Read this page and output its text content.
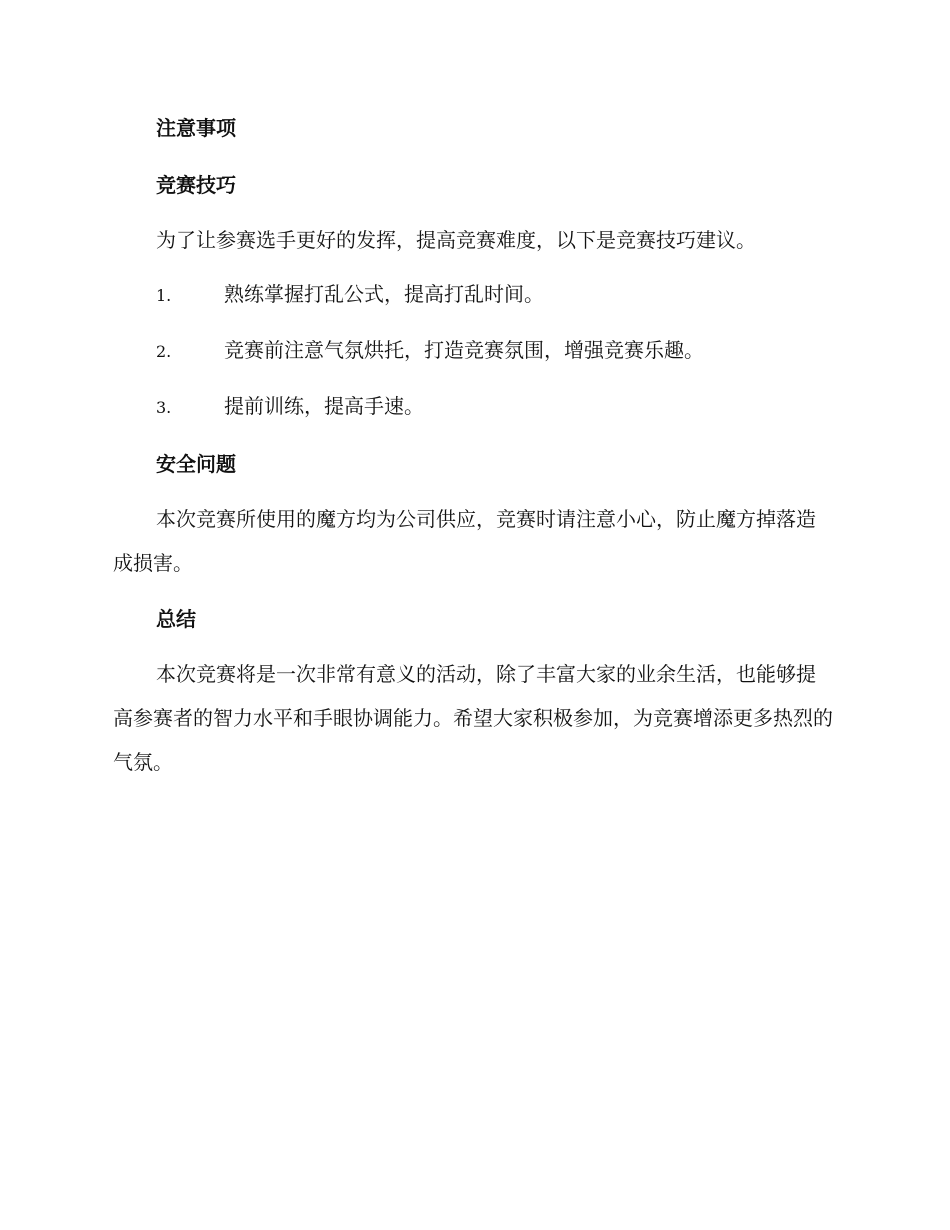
注意事项
竞赛技巧
为了让参赛选手更好的发挥，提高竞赛难度，以下是竞赛技巧建议。
1.	熟练掌握打乱公式，提高打乱时间。
2.	竞赛前注意气氛烘托，打造竞赛氛围，增强竞赛乐趣。
3.	提前训练，提高手速。
安全问题
本次竞赛所使用的魔方均为公司供应，竞赛时请注意小心，防止魔方掉落造成损害。
总结
本次竞赛将是一次非常有意义的活动，除了丰富大家的业余生活，也能够提高参赛者的智力水平和手眼协调能力。希望大家积极参加，为竞赛增添更多热烈的气氛。
